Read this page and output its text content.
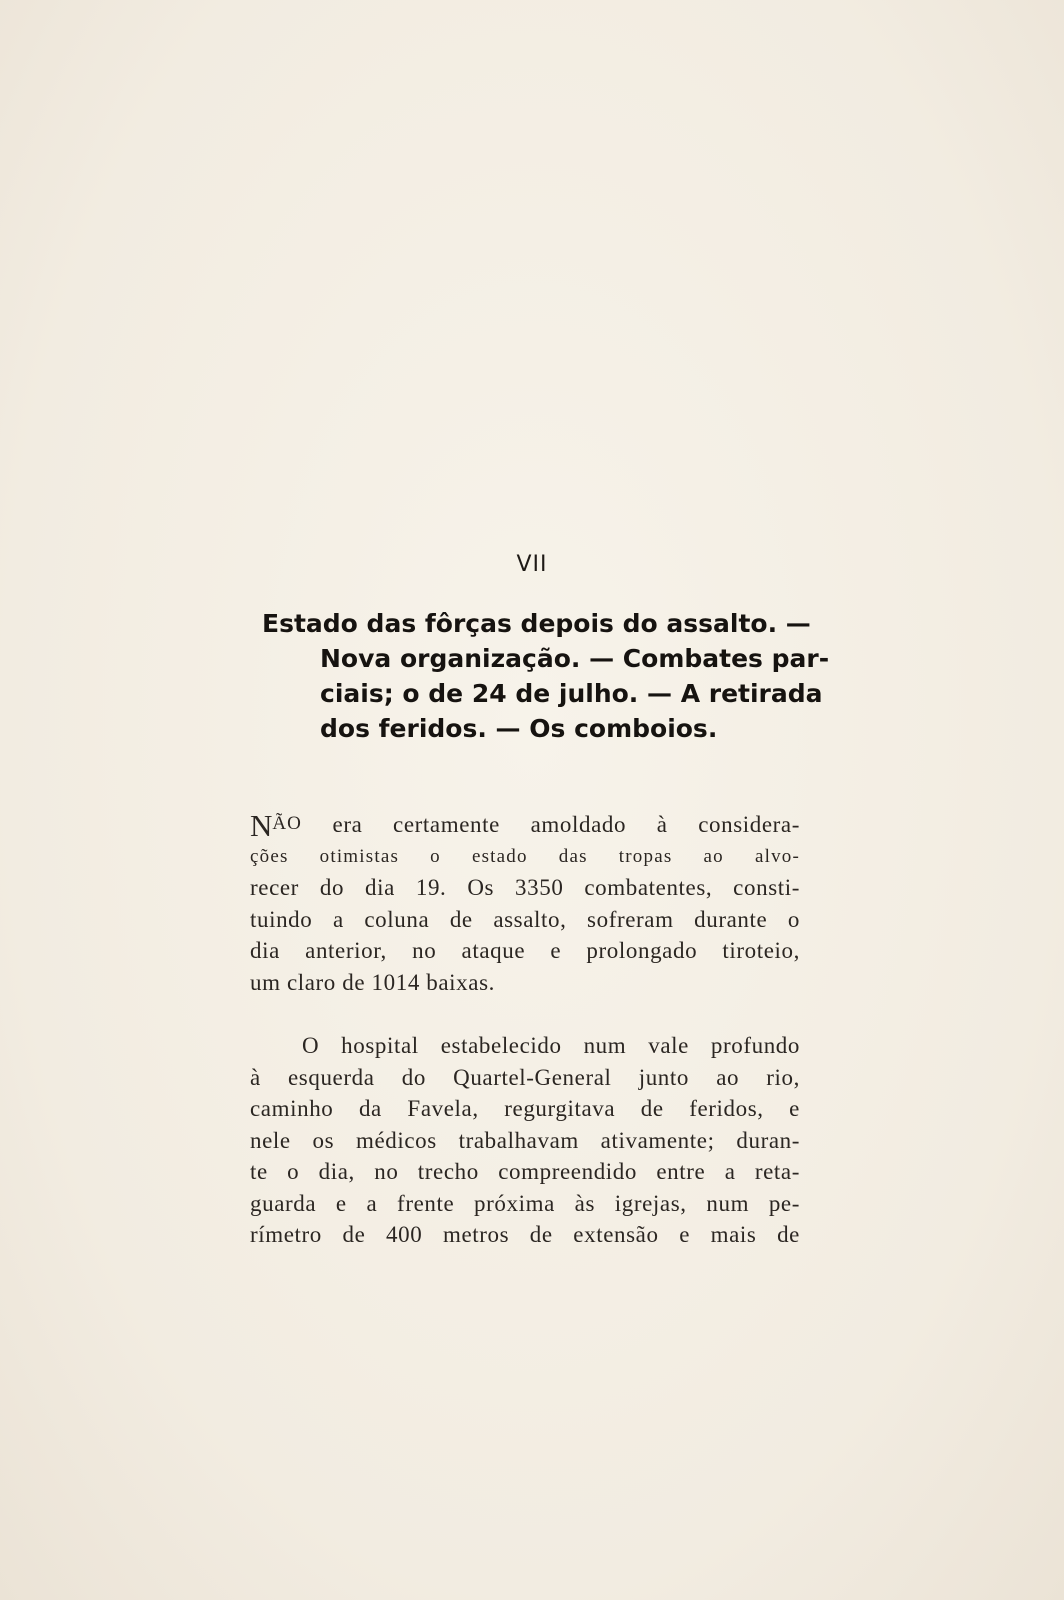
VII
Estado das fôrças depois do assalto. —
Nova organização. — Combates par-
ciais; o de 24 de julho. — A retirada
dos feridos. — Os comboios.
NÃO era certamente amoldado à considera-
ções otimistas o estado das tropas ao alvo-
recer do dia 19. Os 3350 combatentes, consti-
tuindo a coluna de assalto, sofreram durante o
dia anterior, no ataque e prolongado tiroteio,
um claro de 1014 baixas.
O hospital estabelecido num vale profundo
à esquerda do Quartel-General junto ao rio,
caminho da Favela, regurgitava de feridos, e
nele os médicos trabalhavam ativamente; duran-
te o dia, no trecho compreendido entre a reta-
guarda e a frente próxima às igrejas, num pe-
rímetro de 400 metros de extensão e mais de
